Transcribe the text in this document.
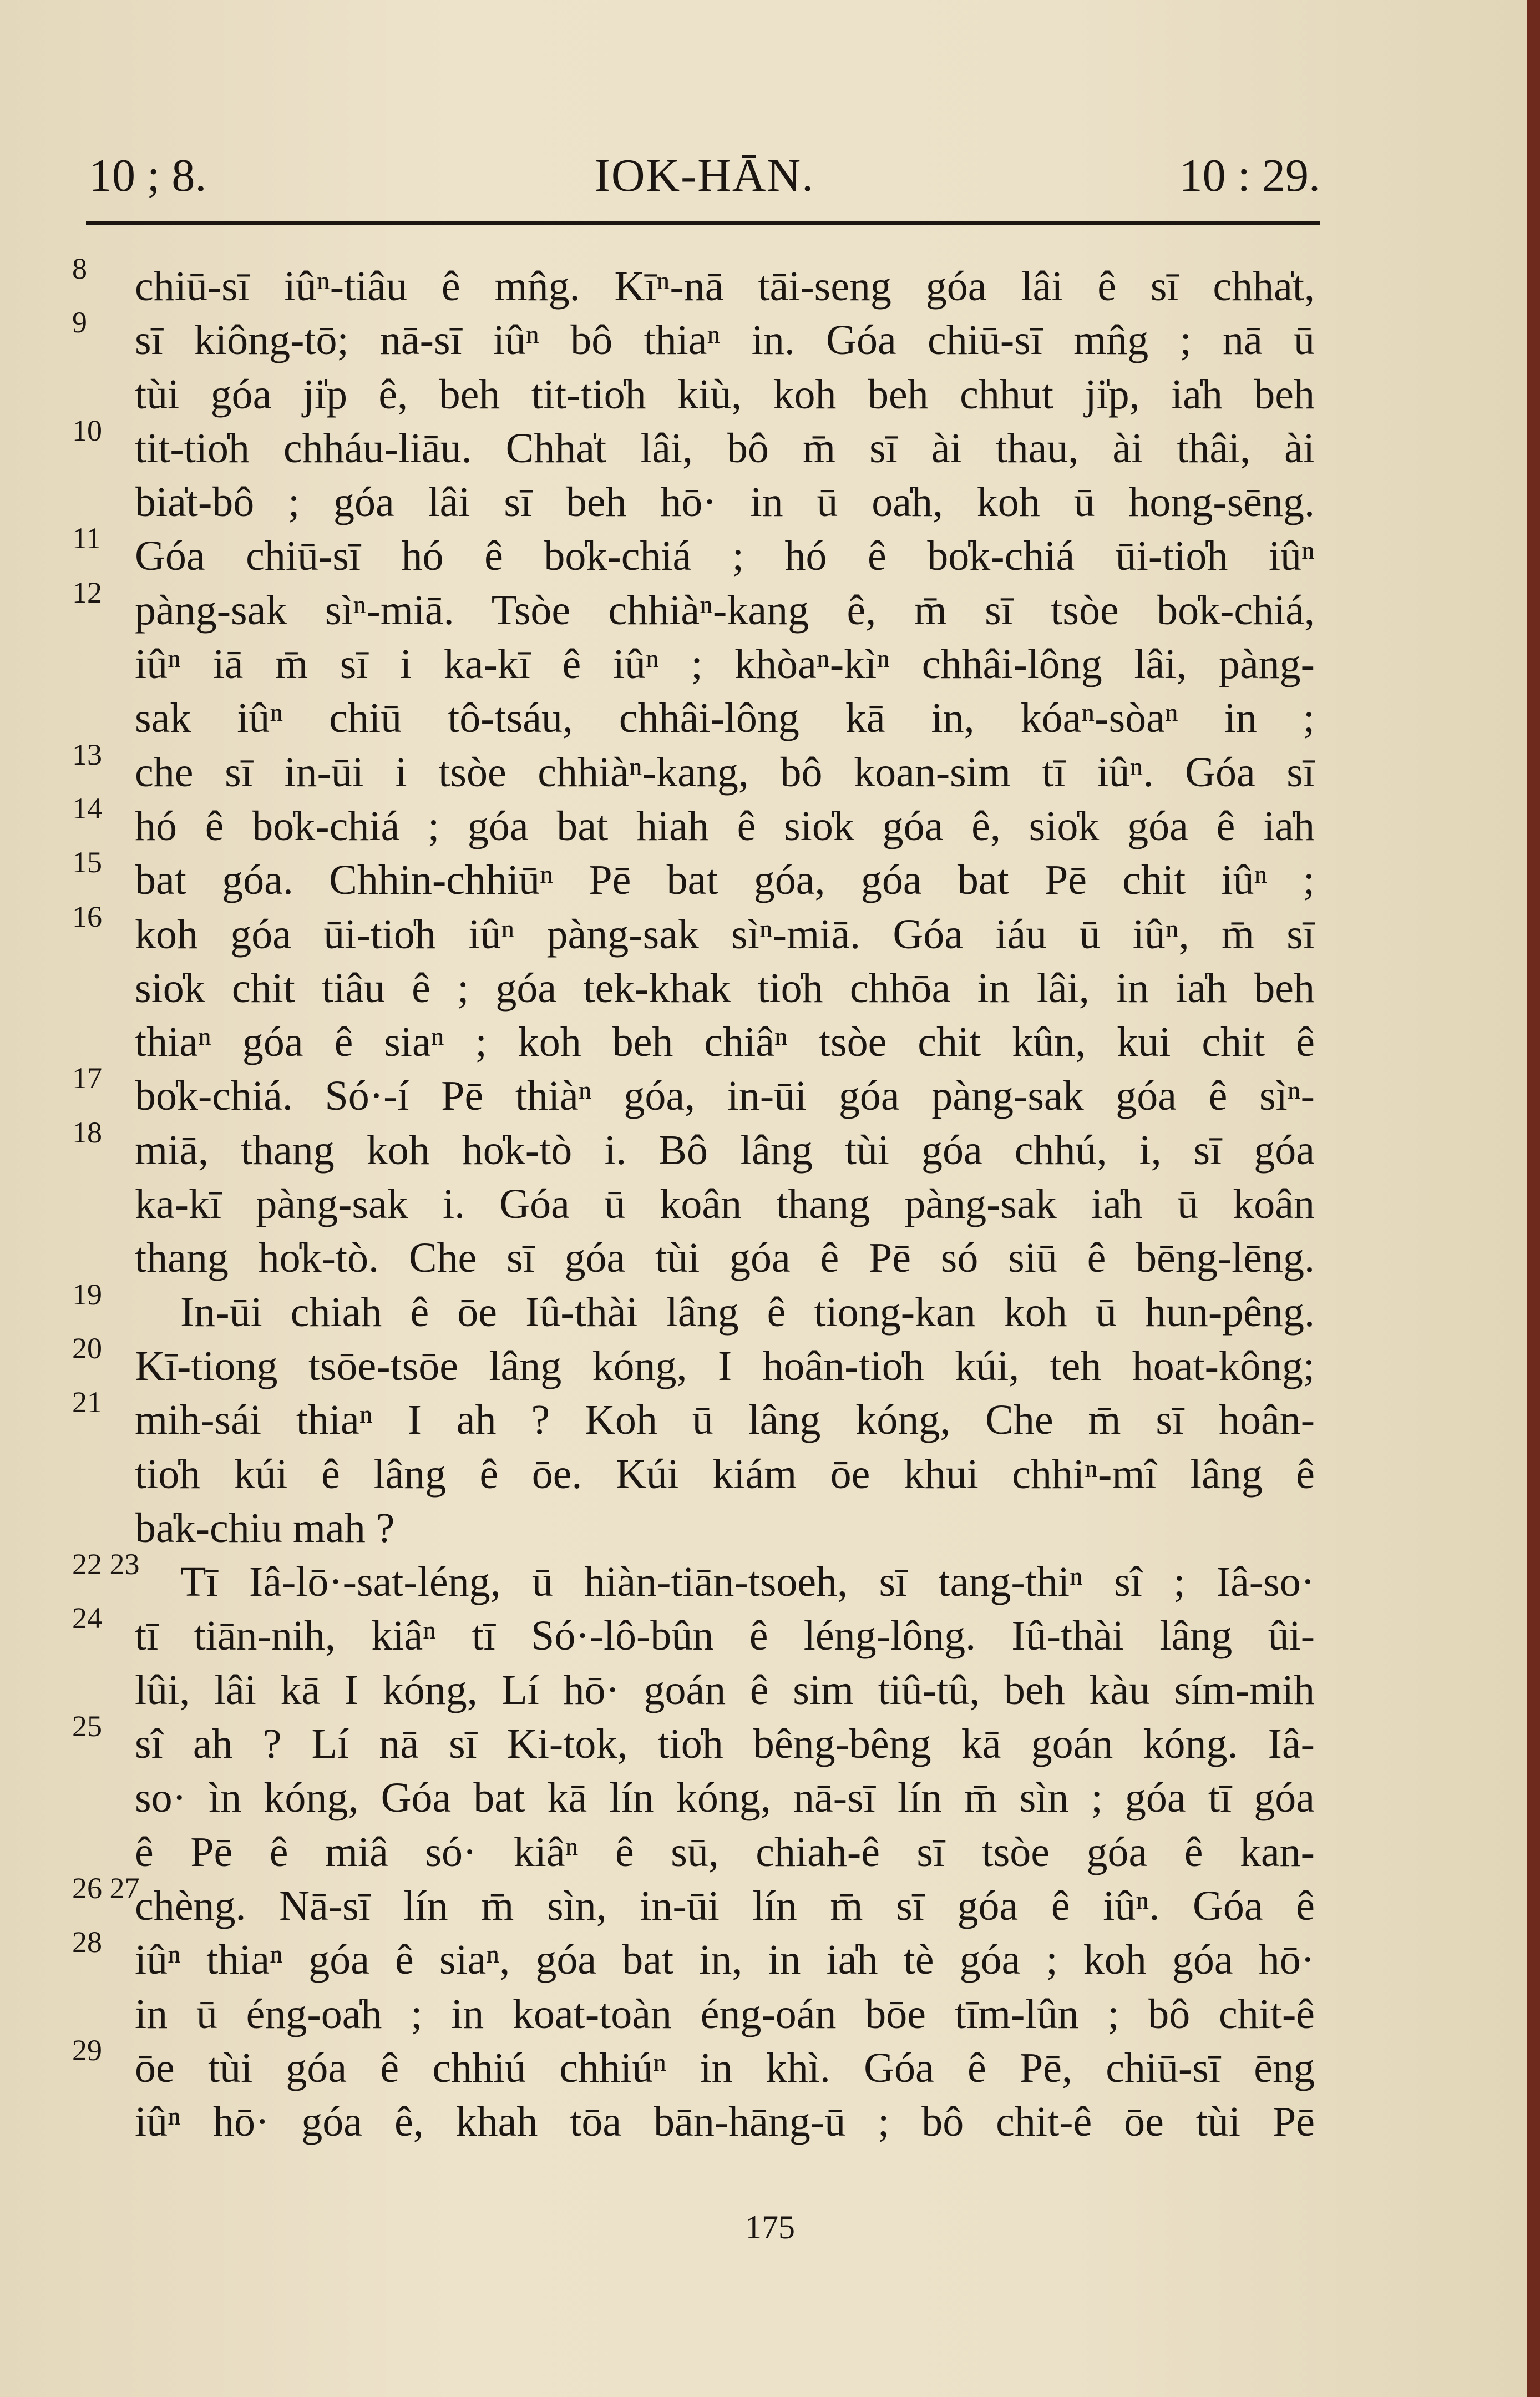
10 ; 8.	IOK-HĀN.	10 : 29.
8	chiū-sī iûⁿ-tiâu ê mn̂g. Kīⁿ-nā tāi-seng góa lâi ê sī chha̍t,
9	sī kiông-tō; nā-sī iûⁿ bô thiaⁿ in. Góa chiū-sī mn̂g ; nā ū
tùi góa ji̍p ê, beh tit-tio̍h kiù, koh beh chhut ji̍p, ia̍h beh
10 tit-tio̍h chháu-liāu. Chha̍t lâi, bô m̄ sī ài thau, ài thâi, ài
bia̍t-bô ; góa lâi sī beh hō· in ū oa̍h, koh ū hong-sēng.
11 Góa chiū-sī hó ê bo̍k-chiá ; hó ê bo̍k-chiá ūi-tio̍h iûⁿ
12 pàng-sak sìⁿ-miā. Tsòe chhiàⁿ-kang ê, m̄ sī tsòe bo̍k-chiá,
iûⁿ iā m̄ sī i ka-kī ê iûⁿ ; khòaⁿ-kìⁿ chhâi-lông lâi, pàng-
sak iûⁿ chiū tô-tsáu, chhâi-lông kā in, kóaⁿ-sòaⁿ in ;
13 che sī in-ūi i tsòe chhiàⁿ-kang, bô koan-sim tī iûⁿ. Góa sī
14 hó ê bo̍k-chiá ; góa bat hiah ê sio̍k góa ê, sio̍k góa ê ia̍h
15 bat góa. Chhin-chhiūⁿ Pē bat góa, góa bat Pē chit iûⁿ ;
16 koh góa ūi-tio̍h iûⁿ pàng-sak sìⁿ-miā. Góa iáu ū iûⁿ, m̄ sī
sio̍k chit tiâu ê ; góa tek-khak tio̍h chhōa in lâi, in ia̍h beh
thiaⁿ góa ê siaⁿ ; koh beh chiâⁿ tsòe chit kûn, kui chit ê
17 bo̍k-chiá. Só·-í Pē thiàⁿ góa, in-ūi góa pàng-sak góa ê sìⁿ-
18 miā, thang koh ho̍k-tò i. Bô lâng tùi góa chhú, i, sī góa
ka-kī pàng-sak i. Góa ū koân thang pàng-sak ia̍h ū koân
thang ho̍k-tò. Che sī góa tùi góa ê Pē só siū ê bēng-lēng.
19	In-ūi chiah ê ōe Iû-thài lâng ê tiong-kan koh ū hun-pêng.
20 Kī-tiong tsōe-tsōe lâng kóng, I hoân-tio̍h kúi, teh hoat-kông;
21 mih-sái thiaⁿ I ah ? Koh ū lâng kóng, Che m̄ sī hoân-
tio̍h kúi ê lâng ê ōe. Kúi kiám ōe khui chhiⁿ-mî lâng ê
ba̍k-chiu mah ?
22 23 Tī Iâ-lō·-sat-léng, ū hiàn-tiān-tsoeh, sī tang-thiⁿ sî ; Iâ-so·
24 tī tiān-nih, kiâⁿ tī Só·-lô-bûn ê léng-lông. Iû-thài lâng ûi-
lûi, lâi kā I kóng, Lí hō· goán ê sim tiû-tû, beh kàu sím-mih
25 sî ah ? Lí nā sī Ki-tok, tio̍h bêng-bêng kā goán kóng. Iâ-
so· ìn kóng, Góa bat kā lín kóng, nā-sī lín m̄ sìn ; góa tī góa
ê Pē ê miâ só· kiâⁿ ê sū, chiah-ê sī tsòe góa ê kan-
26 27
chèng. Nā-sī lín m̄ sìn, in-ūi lín m̄ sī góa ê iûⁿ. Góa ê
28 iûⁿ thiaⁿ góa ê siaⁿ, góa bat in, in ia̍h tè góa ; koh góa hō·
in ū éng-oa̍h ; in koat-toàn éng-oán bōe tīm-lûn ; bô chit-ê
29 ōe tùi góa ê chhiú chhiúⁿ in khì. Góa ê Pē, chiū-sī ēng
iûⁿ hō· góa ê, khah tōa bān-hāng-ū ; bô chit-ê ōe tùi Pē
175
